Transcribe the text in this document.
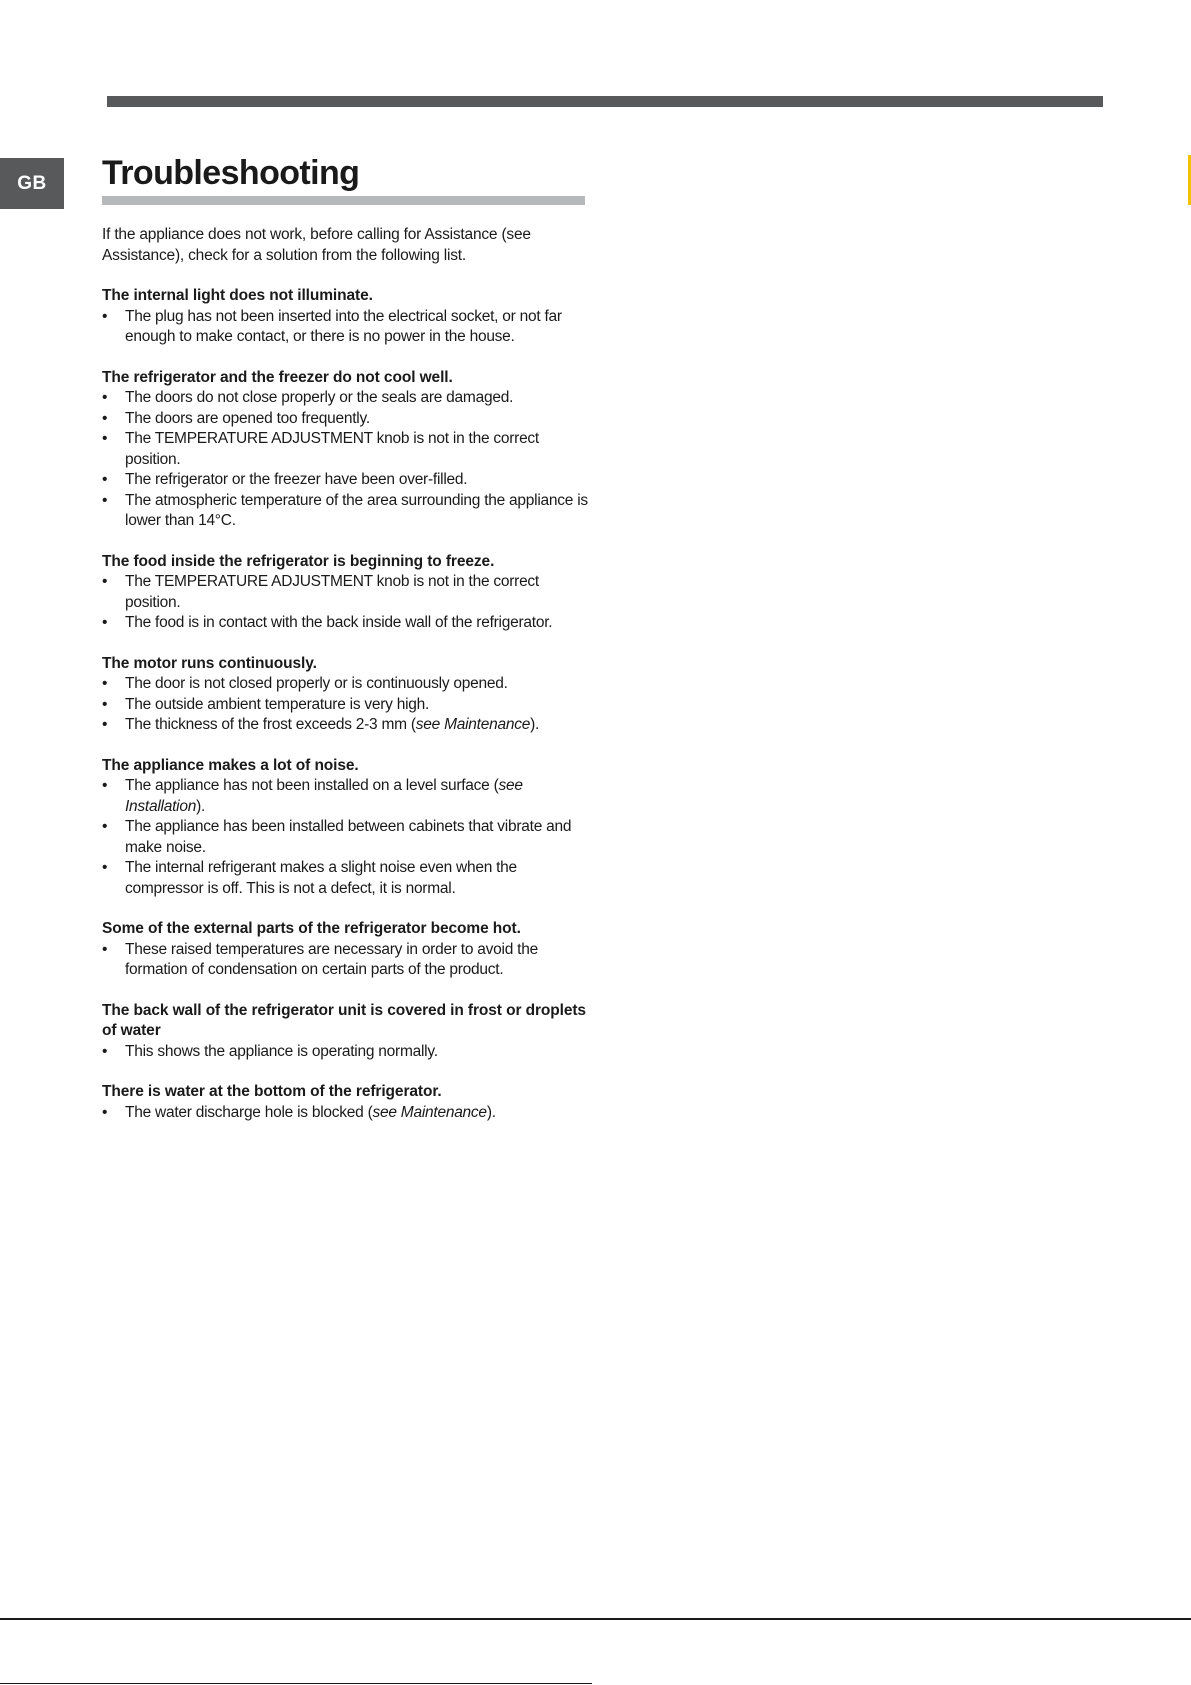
GB	Troubleshooting

If the appliance does not work, before calling for Assistance (see Assistance), check for a solution from the following list.

The internal light does not illuminate.
• The plug has not been inserted into the electrical socket, or not far enough to make contact, or there is no power in the house.
The refrigerator and the freezer do not cool well.
• The doors do not close properly or the seals are damaged.
• The doors are opened too frequently.
• The TEMPERATURE ADJUSTMENT knob is not in the correct position.
• The refrigerator or the freezer have been over-filled.
• The atmospheric temperature of the area surrounding the appliance is lower than 14°C.
The food inside the refrigerator is beginning to freeze.
• The TEMPERATURE ADJUSTMENT knob is not in the correct position.
• The food is in contact with the back inside wall of the refrigerator.
The motor runs continuously.
• The door is not closed properly or is continuously opened.
• The outside ambient temperature is very high.
• The thickness of the frost exceeds 2-3 mm (see Maintenance).
The appliance makes a lot of noise.
• The appliance has not been installed on a level surface (see Installation).
• The appliance has been installed between cabinets that vibrate and make noise.
• The internal refrigerant makes a slight noise even when the compressor is off. This is not a defect, it is normal.
Some of the external parts of the refrigerator become hot.
• These raised temperatures are necessary in order to avoid the formation of condensation on certain parts of the product.
The back wall of the refrigerator unit is covered in frost or droplets of water
• This shows the appliance is operating normally.
There is water at the bottom of the refrigerator.
• The water discharge hole is blocked (see Maintenance).
